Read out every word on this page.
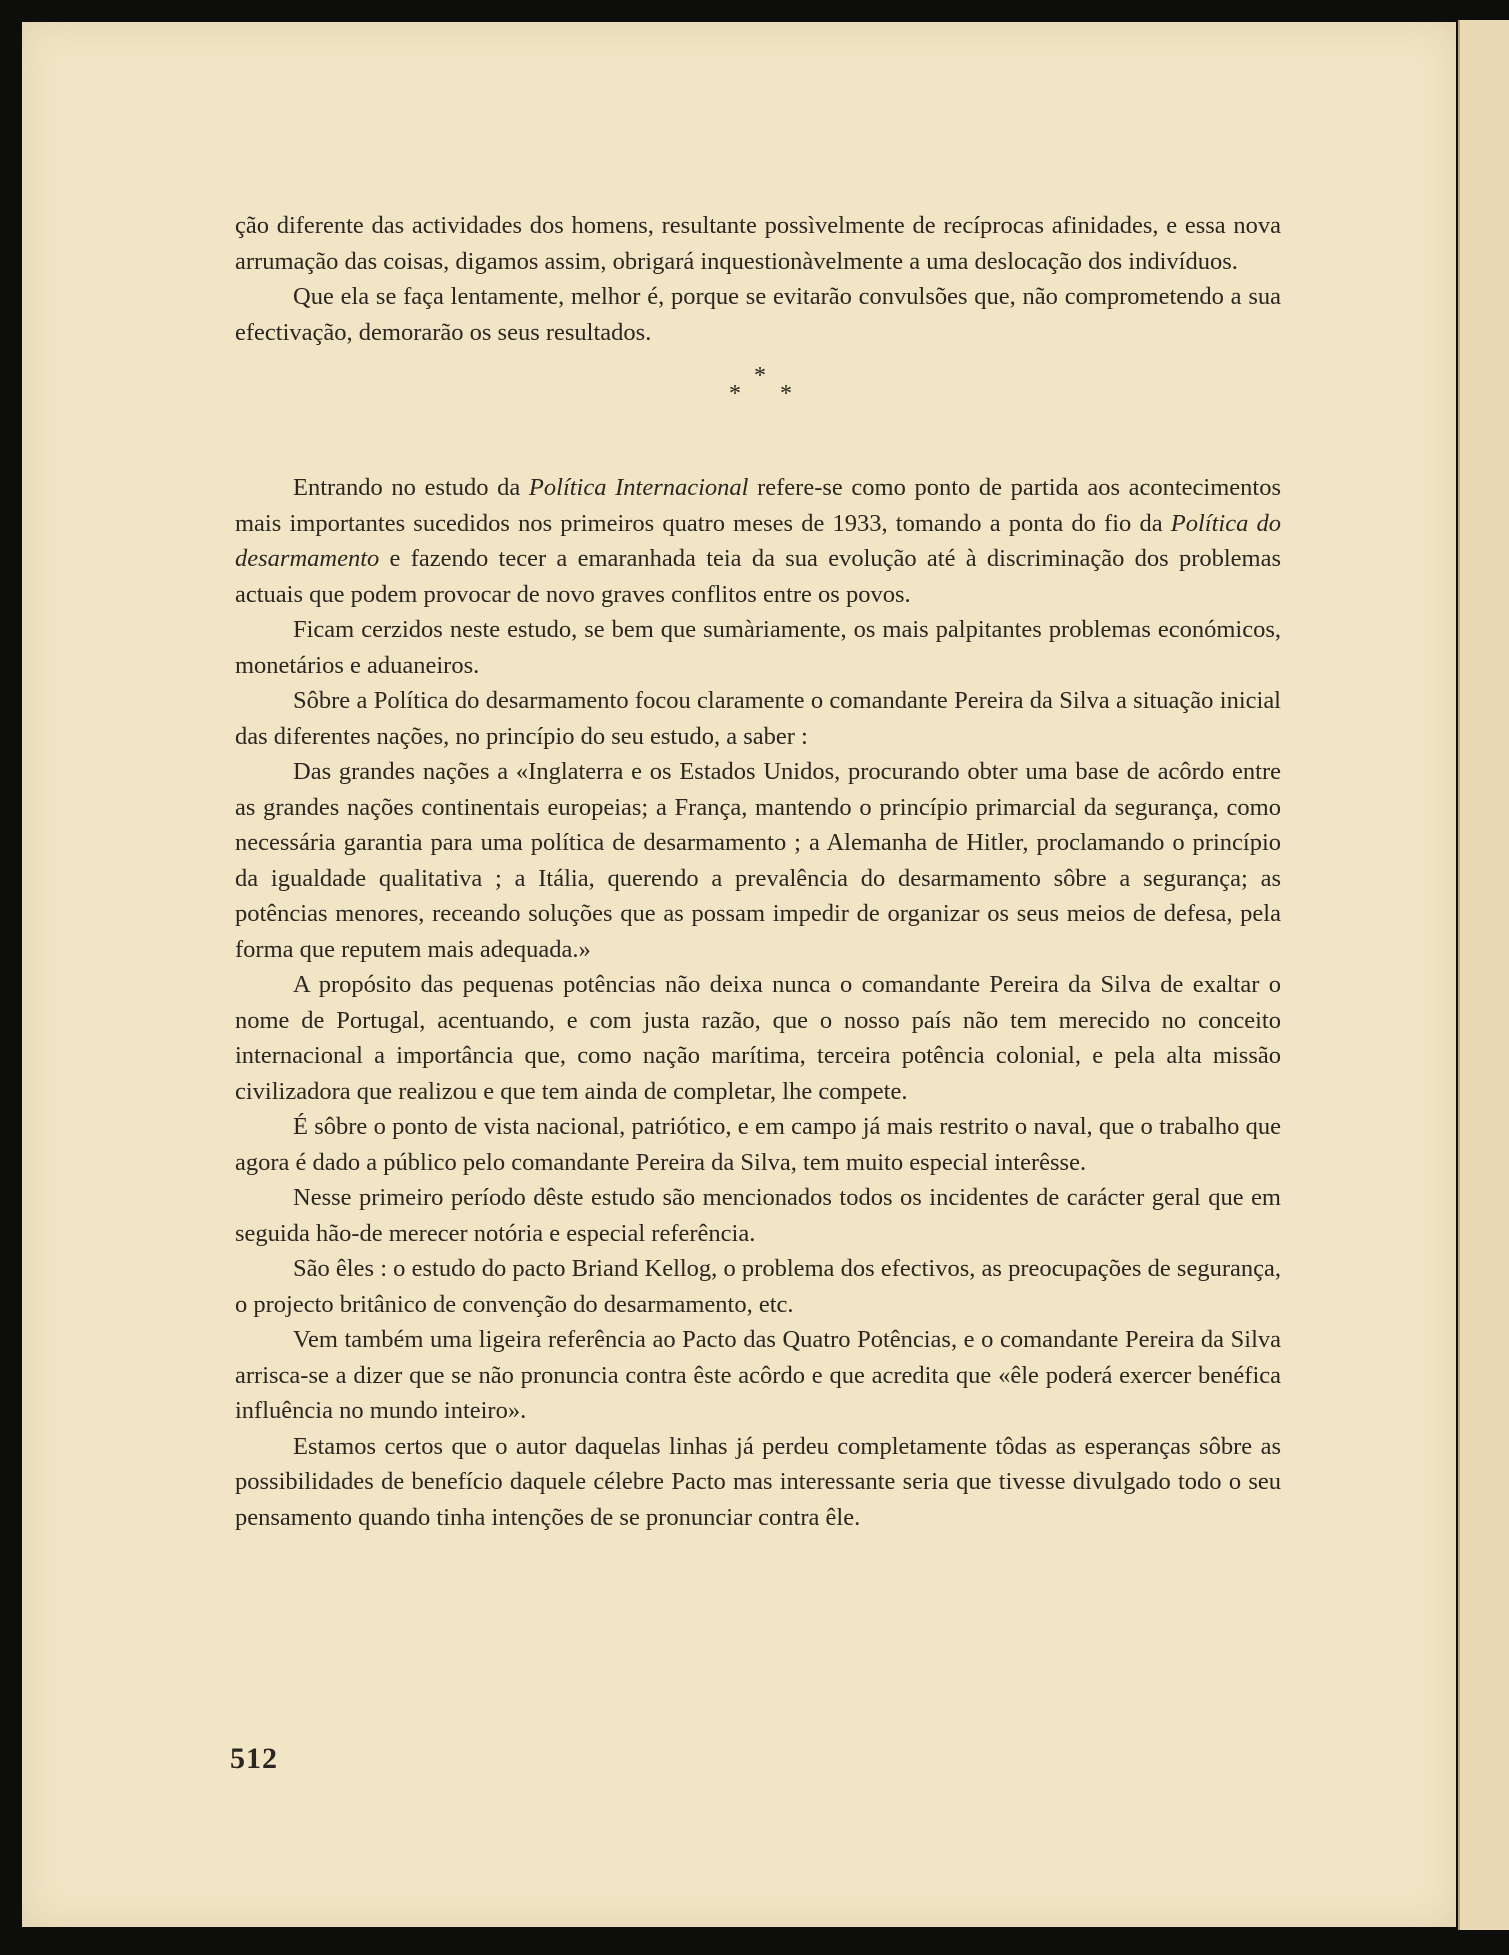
ção diferente das actividades dos homens, resultante possìvelmente de recíprocas afinidades, e essa nova arrumação das coisas, digamos assim, obrigará inquestionàvelmente a uma deslocação dos indivíduos.

Que ela se faça lentamente, melhor é, porque se evitarão convulsões que, não comprometendo a sua efectivação, demorarão os seus resultados.

*
* *

Entrando no estudo da Política Internacional refere-se como ponto de partida aos acontecimentos mais importantes sucedidos nos primeiros quatro meses de 1933, tomando a ponta do fio da Política do desarmamento e fazendo tecer a emaranhada teia da sua evolução até à discriminação dos problemas actuais que podem provocar de novo graves conflitos entre os povos.

Ficam cerzidos neste estudo, se bem que sumàriamente, os mais palpitantes problemas económicos, monetários e aduaneiros.

Sôbre a Política do desarmamento focou claramente o comandante Pereira da Silva a situação inicial das diferentes nações, no princípio do seu estudo, a saber :

Das grandes nações a «Inglaterra e os Estados Unidos, procurando obter uma base de acôrdo entre as grandes nações continentais europeias; a França, mantendo o princípio primarcial da segurança, como necessária garantia para uma política de desarmamento ; a Alemanha de Hitler, proclamando o princípio da igualdade qualitativa ; a Itália, querendo a prevalência do desarmamento sôbre a segurança; as potências menores, receando soluções que as possam impedir de organizar os seus meios de defesa, pela forma que reputem mais adequada.»

A propósito das pequenas potências não deixa nunca o comandante Pereira da Silva de exaltar o nome de Portugal, acentuando, e com justa razão, que o nosso país não tem merecido no conceito internacional a importância que, como nação marítima, terceira potência colonial, e pela alta missão civilizadora que realizou e que tem ainda de completar, lhe compete.

É sôbre o ponto de vista nacional, patriótico, e em campo já mais restrito o naval, que o trabalho que agora é dado a público pelo comandante Pereira da Silva, tem muito especial interêsse.

Nesse primeiro período dêste estudo são mencionados todos os incidentes de carácter geral que em seguida hão-de merecer notória e especial referência.

São êles : o estudo do pacto Briand Kellog, o problema dos efectivos, as preocupações de segurança, o projecto britânico de convenção do desarmamento, etc.

Vem também uma ligeira referência ao Pacto das Quatro Potências, e o comandante Pereira da Silva arrisca-se a dizer que se não pronuncia contra êste acôrdo e que acredita que «êle poderá exercer benéfica influência no mundo inteiro».

Estamos certos que o autor daquelas linhas já perdeu completamente tôdas as esperanças sôbre as possibilidades de benefício daquele célebre Pacto mas interessante seria que tivesse divulgado todo o seu pensamento quando tinha intenções de se pronunciar contra êle.

512
